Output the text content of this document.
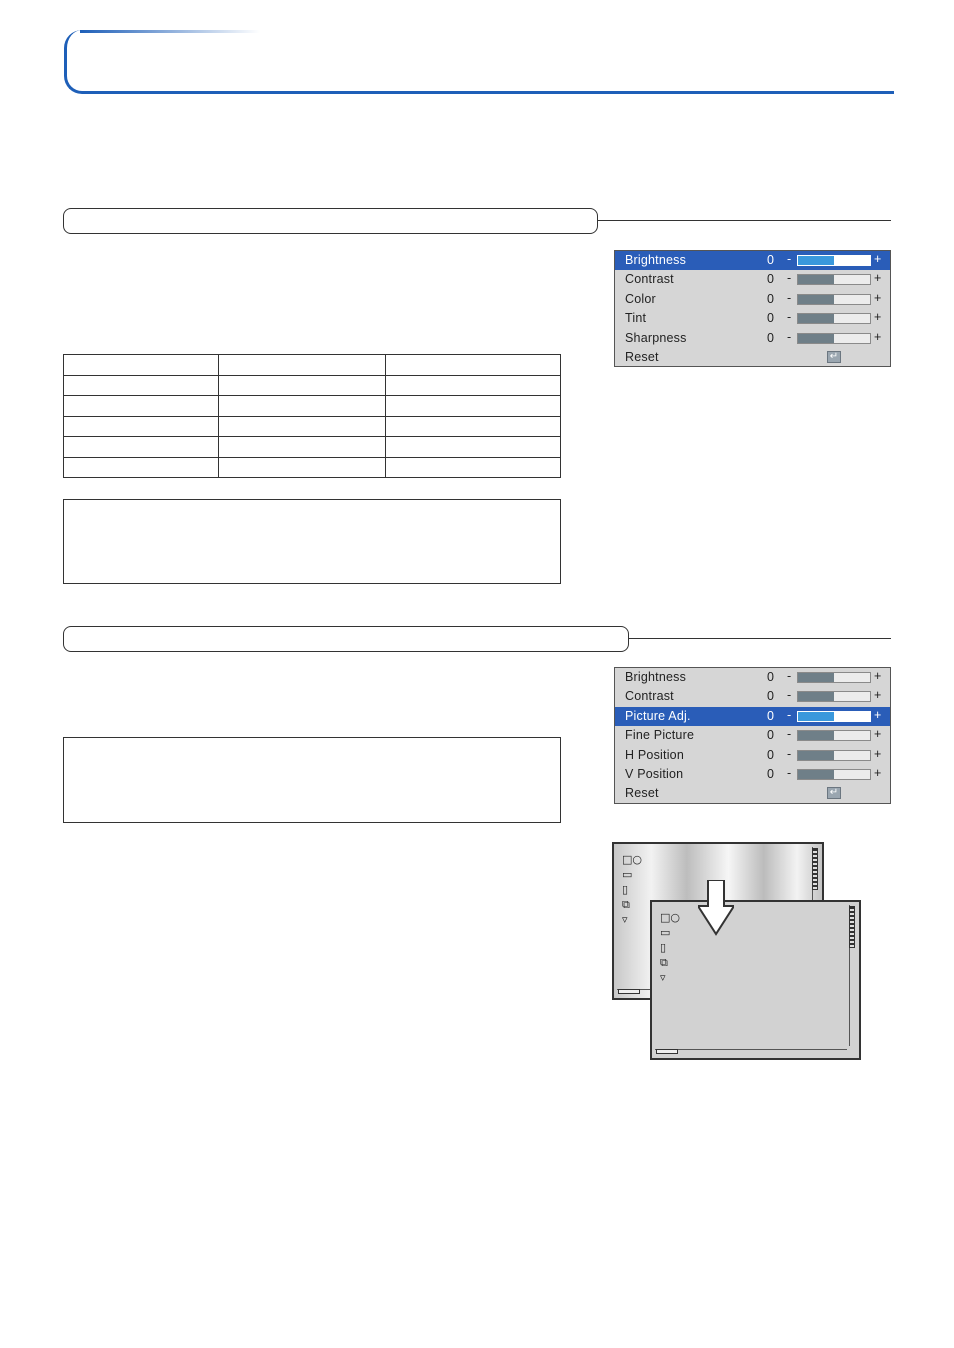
Brightness	0 -	+
Contrast	0 -	+
Color	0 -	+
Tint	0 -	+
Sharpness	0 -	+
Reset	↵
Brightness	0 -	+
Contrast	0 -	+
Picture Adj.	0 -	+
Fine Picture	0 -	+
H Position	0 -	+
V Position	0 -	+
Reset	↵
□○
▭
▯
⧉
▿	□○
▭
▯
⧉
▿
